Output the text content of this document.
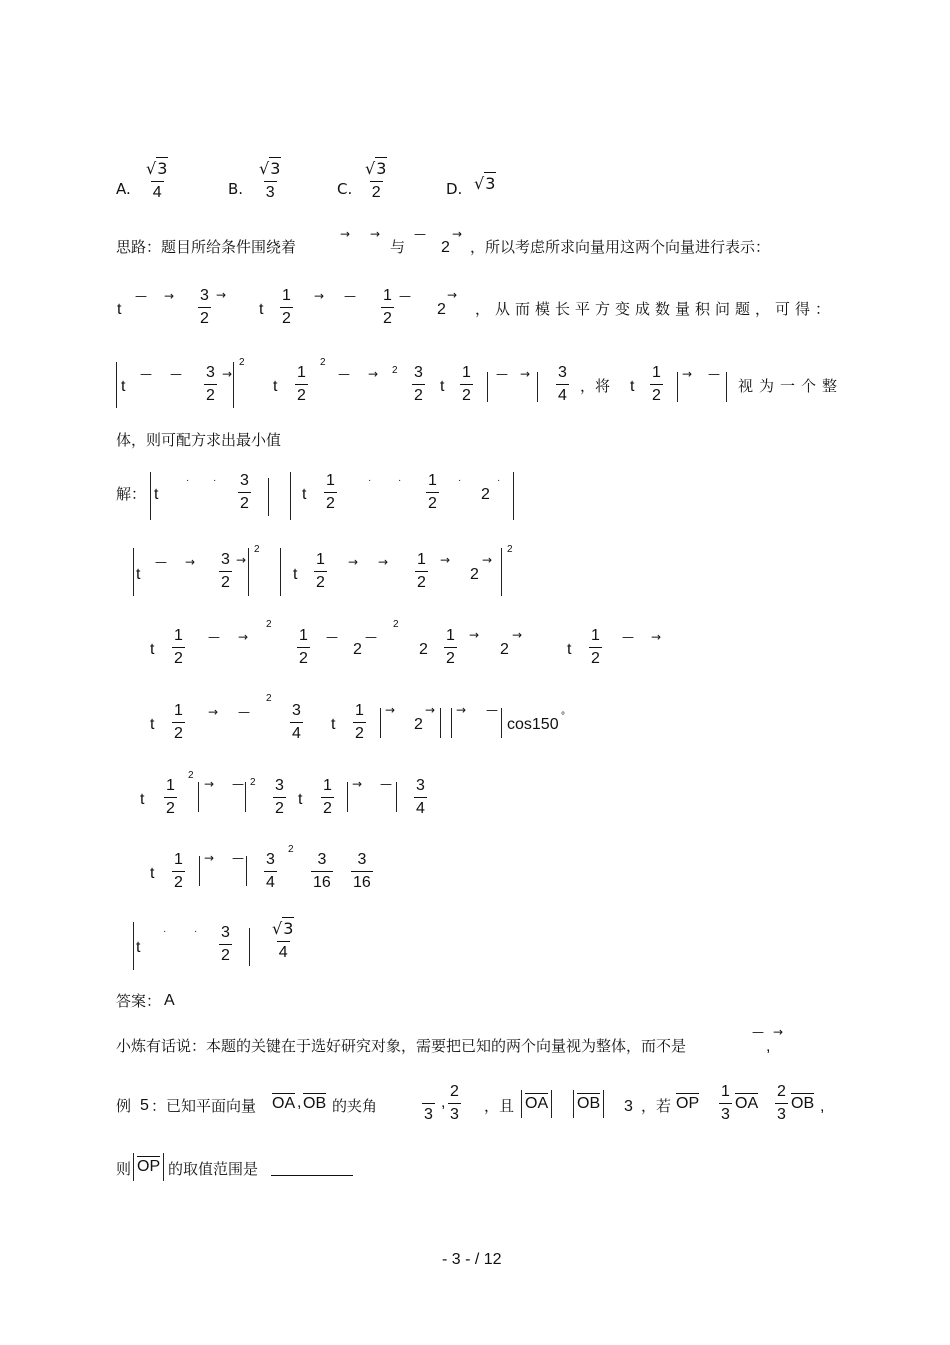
A. $\frac{√3}{4}$	B. $\frac{√3}{3}$	C. $\frac{√3}{2}$	D. √3
思路：题目所给条件围绕着
→ →
与
—
2
→
，所以考虑所求向量用这两个向量进行表示：
t
— → $\frac{3}{2}$ →
t $\frac{1}{2}$ → — $\frac{1}{2}$ —
2
→
，从而模长平方变成数量积问题，可得：
t
— — $\frac{3}{2}$ →
2
t $\frac{1}{2}$
2
— → $2 \frac{3}{2}$ t $\frac{1}{2}$ — → $\frac{3}{4}$ ，将 t $\frac{1}{2}$ → —
视为一个整
体，则可配方求出最小值
解： t
· · $\frac{3}{2}$	t $\frac{1}{2}$	·	· $\frac{1}{2}$ ·
2
·
t
— → $\frac{3}{2}$ →
2
t $\frac{1}{2}$ → → $\frac{1}{2}$ →
2
→
2
t $\frac{1}{2}$ — →
2
$\frac{1}{2}$ —
2
—
2
$2 \frac{1}{2}$ →
2
→
t $\frac{1}{2}$ — →
t $\frac{1}{2}$ → —
2
$\frac{3}{4}$ t $\frac{1}{2}$ →
2
→ → —
cos150 °
t $\frac{1}{2}$
2
→ — $2 \frac{3}{2}$ t $\frac{1}{2}$ → — $\frac{3}{4}$
t $\frac{1}{2}$ → — $\frac{3}{4}$
2
$\frac{3}{16} \frac{3}{16}$
t
·	· $\frac{3}{2} \frac{√3}{4}$
答案： A
小炼有话说：本题的关键在于选好研究对象，需要把已知的两个向量视为整体，而不是
— →
,
例 5 ：已知平面向量 OA , OB 的夹角	3
, $\frac{2}{3}$ ，且 OA OB 3 ，若 OP $\frac{1}{3}$ OA $\frac{2}{3}$ OB ,
则 OP 的取值范围是
- 3 - / 12
